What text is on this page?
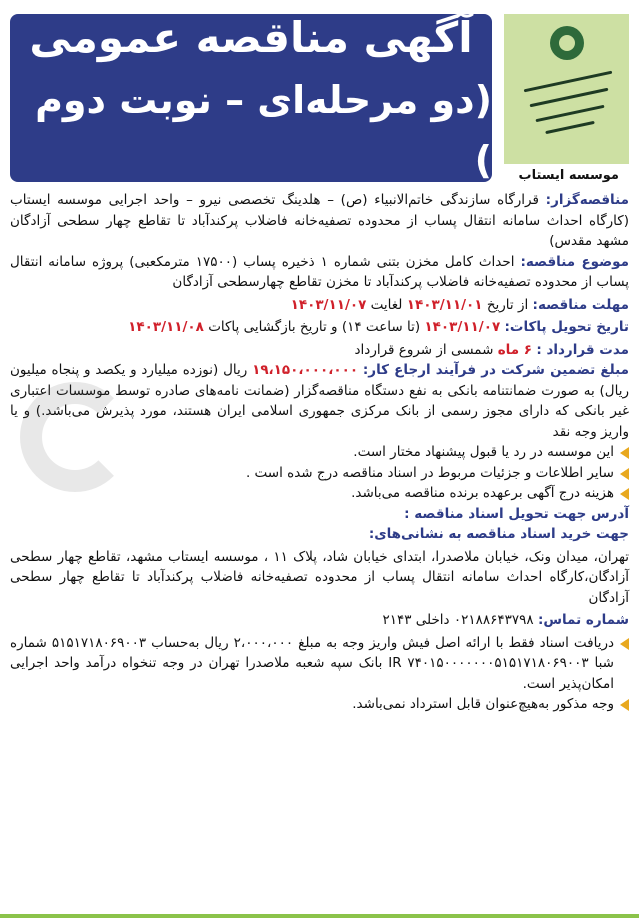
آگهی مناقصه عمومی
(دو مرحله‌ای – نوبت دوم ) موسسه ایستاب

مناقصه‌گزار: قرارگاه سازندگی خاتم‌الانبیاء (ص) – هلدینگ تخصصی نیرو – واحد اجرایی موسسه ایستاب (کارگاه احداث سامانه انتقال پساب از محدوده تصفیه‌خانه فاضلاب پرکندآباد تا تقاطع چهار سطحی آزادگان مشهد مقدس)

موضوع مناقصه: احداث کامل مخزن بتنی شماره ۱ ذخیره پساب (۱۷۵۰۰ مترمکعبی) پروژه سامانه انتقال پساب از محدوده تصفیه‌خانه فاضلاب پرکندآباد تا مخزن تقاطع چهارسطحی آزادگان

مهلت مناقصه: از تاریخ ۱۴۰۳/۱۱/۰۱ لغایت ۱۴۰۳/۱۱/۰۷

تاریخ تحویل پاکات: ۱۴۰۳/۱۱/۰۷ (تا ساعت ۱۴) و تاریخ بازگشایی پاکات ۱۴۰۳/۱۱/۰۸

مدت قرارداد : ۶ ماه شمسی از شروع قرارداد

مبلغ تضمین شرکت در فرآیند ارجاع کار: ۱۹،۱۵۰،۰۰۰،۰۰۰ ریال (نوزده میلیارد و یکصد و پنجاه میلیون ریال) به صورت ضمانتنامه بانکی به نفع دستگاه مناقصه‌گزار (ضمانت نامه‌های صادره توسط موسسات اعتباری غیر بانکی که دارای مجوز رسمی از بانک مرکزی جمهوری اسلامی ایران هستند، مورد پذیرش می‌باشد.) و یا واریز وجه نقد

این موسسه در رد یا قبول پیشنهاد مختار است.
سایر اطلاعات و جزئیات مربوط در اسناد مناقصه درج شده است .
هزینه درج آگهی برعهده برنده مناقصه می‌باشد.

آدرس جهت تحویل اسناد مناقصه :

جهت خرید اسناد مناقصه به نشانی‌های:

تهران، میدان ونک، خیابان ملاصدرا، ابتدای خیابان شاد، پلاک ۱۱ ، موسسه ایستاب مشهد، تقاطع چهار سطحی آزادگان،کارگاه احداث سامانه انتقال پساب از محدوده تصفیه‌خانه فاضلاب پرکندآباد تا تقاطع چهار سطحی آزادگان

شماره تماس: ۰۲۱۸۸۶۴۳۷۹۸ داخلی ۲۱۴۳

دریافت اسناد فقط با ارائه اصل فیش واریز وجه به مبلغ ۲،۰۰۰،۰۰۰ ریال به‌حساب ۵۱۵۱۷۱۸۰۶۹۰۰۳ شماره شبا IR ۷۴۰۱۵۰۰۰۰۰۰۰۵۱۵۱۷۱۸۰۶۹۰۰۳ بانک سپه شعبه ملاصدرا تهران در وجه تنخواه درآمد واحد اجرایی امکان‌پذیر است.
وجه مذکور به‌هیچ‌عنوان قابل استرداد نمی‌باشد.
